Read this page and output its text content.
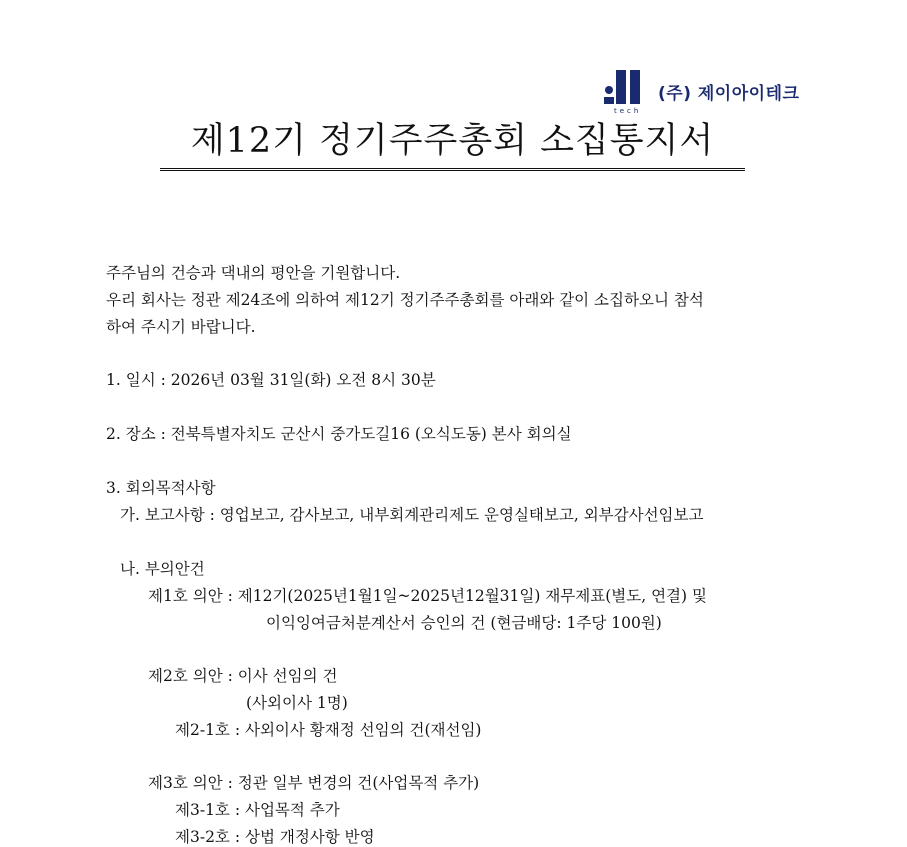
tech
(주) 제이아이테크
제12기 정기주주총회 소집통지서
주주님의 건승과 댁내의 평안을 기원합니다.
우리 회사는 정관 제24조에 의하여 제12기 정기주주총회를 아래와 같이 소집하오니 참석
하여 주시기 바랍니다.
1. 일시 : 2026년 03월 31일(화) 오전 8시 30분
2. 장소 : 전북특별자치도 군산시 중가도길16 (오식도동) 본사 회의실
3. 회의목적사항
가. 보고사항 : 영업보고, 감사보고, 내부회계관리제도 운영실태보고, 외부감사선임보고
나. 부의안건
제1호 의안 : 제12기(2025년1월1일~2025년12월31일) 재무제표(별도, 연결) 및
이익잉여금처분계산서 승인의 건 (현금배당: 1주당 100원)
제2호 의안 : 이사 선임의 건
(사외이사 1명)
제2-1호 : 사외이사 황재정 선임의 건(재선임)
제3호 의안 : 정관 일부 변경의 건(사업목적 추가)
제3-1호 : 사업목적 추가
제3-2호 : 상법 개정사항 반영
